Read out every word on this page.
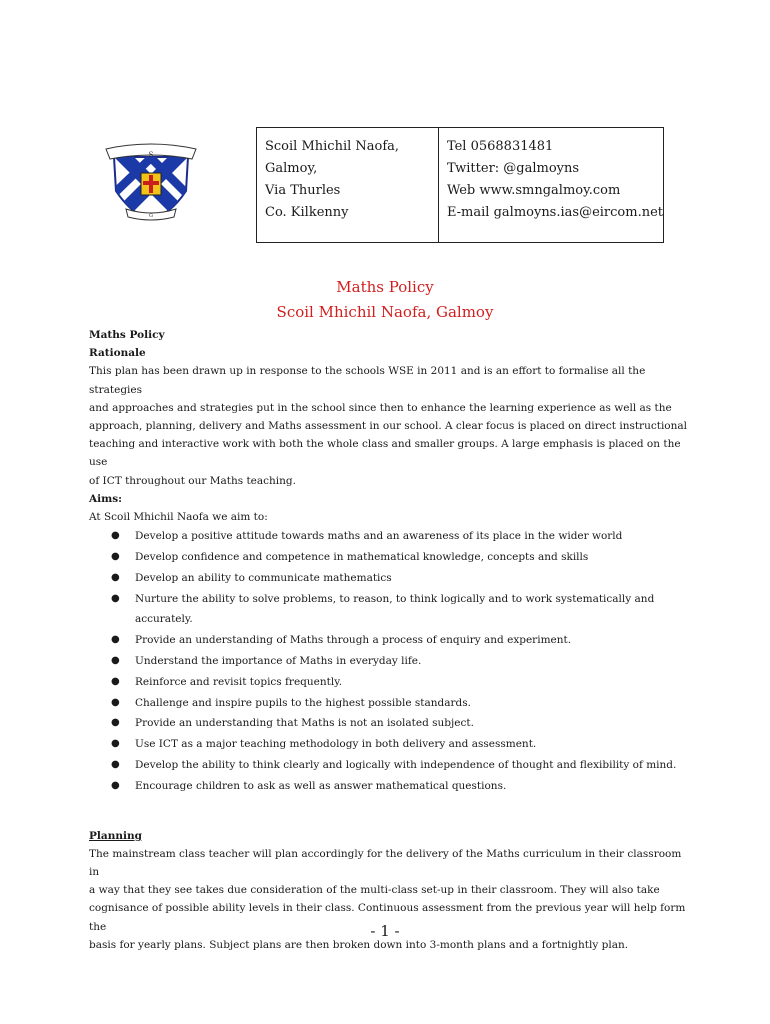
S
G
Scoil Mhichil Naofa,
Galmoy,
Via Thurles
Co. Kilkenny
Tel 0568831481
Twitter: @galmoyns
Web www.smngalmoy.com
E-mail galmoyns.ias@eircom.net
Maths Policy
Scoil Mhichil Naofa, Galmoy
Maths Policy
Rationale

This plan has been drawn up in response to the schools WSE in 2011 and is an effort to formalise all the strategies

and approaches and strategies put in the school since then to enhance the learning experience as well as the

approach, planning, delivery and Maths assessment in our school. A clear focus is placed on direct instructional

teaching and interactive work with both the whole class and smaller groups. A large emphasis is placed on the use

of ICT throughout our Maths teaching.

Aims:
At Scoil Mhichil Naofa we aim to:
● Develop a positive attitude towards maths and an awareness of its place in the wider world
● Develop confidence and competence in mathematical knowledge, concepts and skills
● Develop an ability to communicate mathematics
● Nurture the ability to solve problems, to reason, to think logically and to work systematically and
accurately.
● Provide an understanding of Maths through a process of enquiry and experiment.
● Understand the importance of Maths in everyday life.
● Reinforce and revisit topics frequently.
● Challenge and inspire pupils to the highest possible standards.
● Provide an understanding that Maths is not an isolated subject.
● Use ICT as a major teaching methodology in both delivery and assessment.
● Develop the ability to think clearly and logically with independence of thought and flexibility of mind.
● Encourage children to ask as well as answer mathematical questions.
Planning

The mainstream class teacher will plan accordingly for the delivery of the Maths curriculum in their classroom in

a way that they see takes due consideration of the multi-class set-up in their classroom. They will also take

cognisance of possible ability levels in their class. Continuous assessment from the previous year will help form the

basis for yearly plans. Subject plans are then broken down into 3-month plans and a fortnightly plan.

- 1 -
